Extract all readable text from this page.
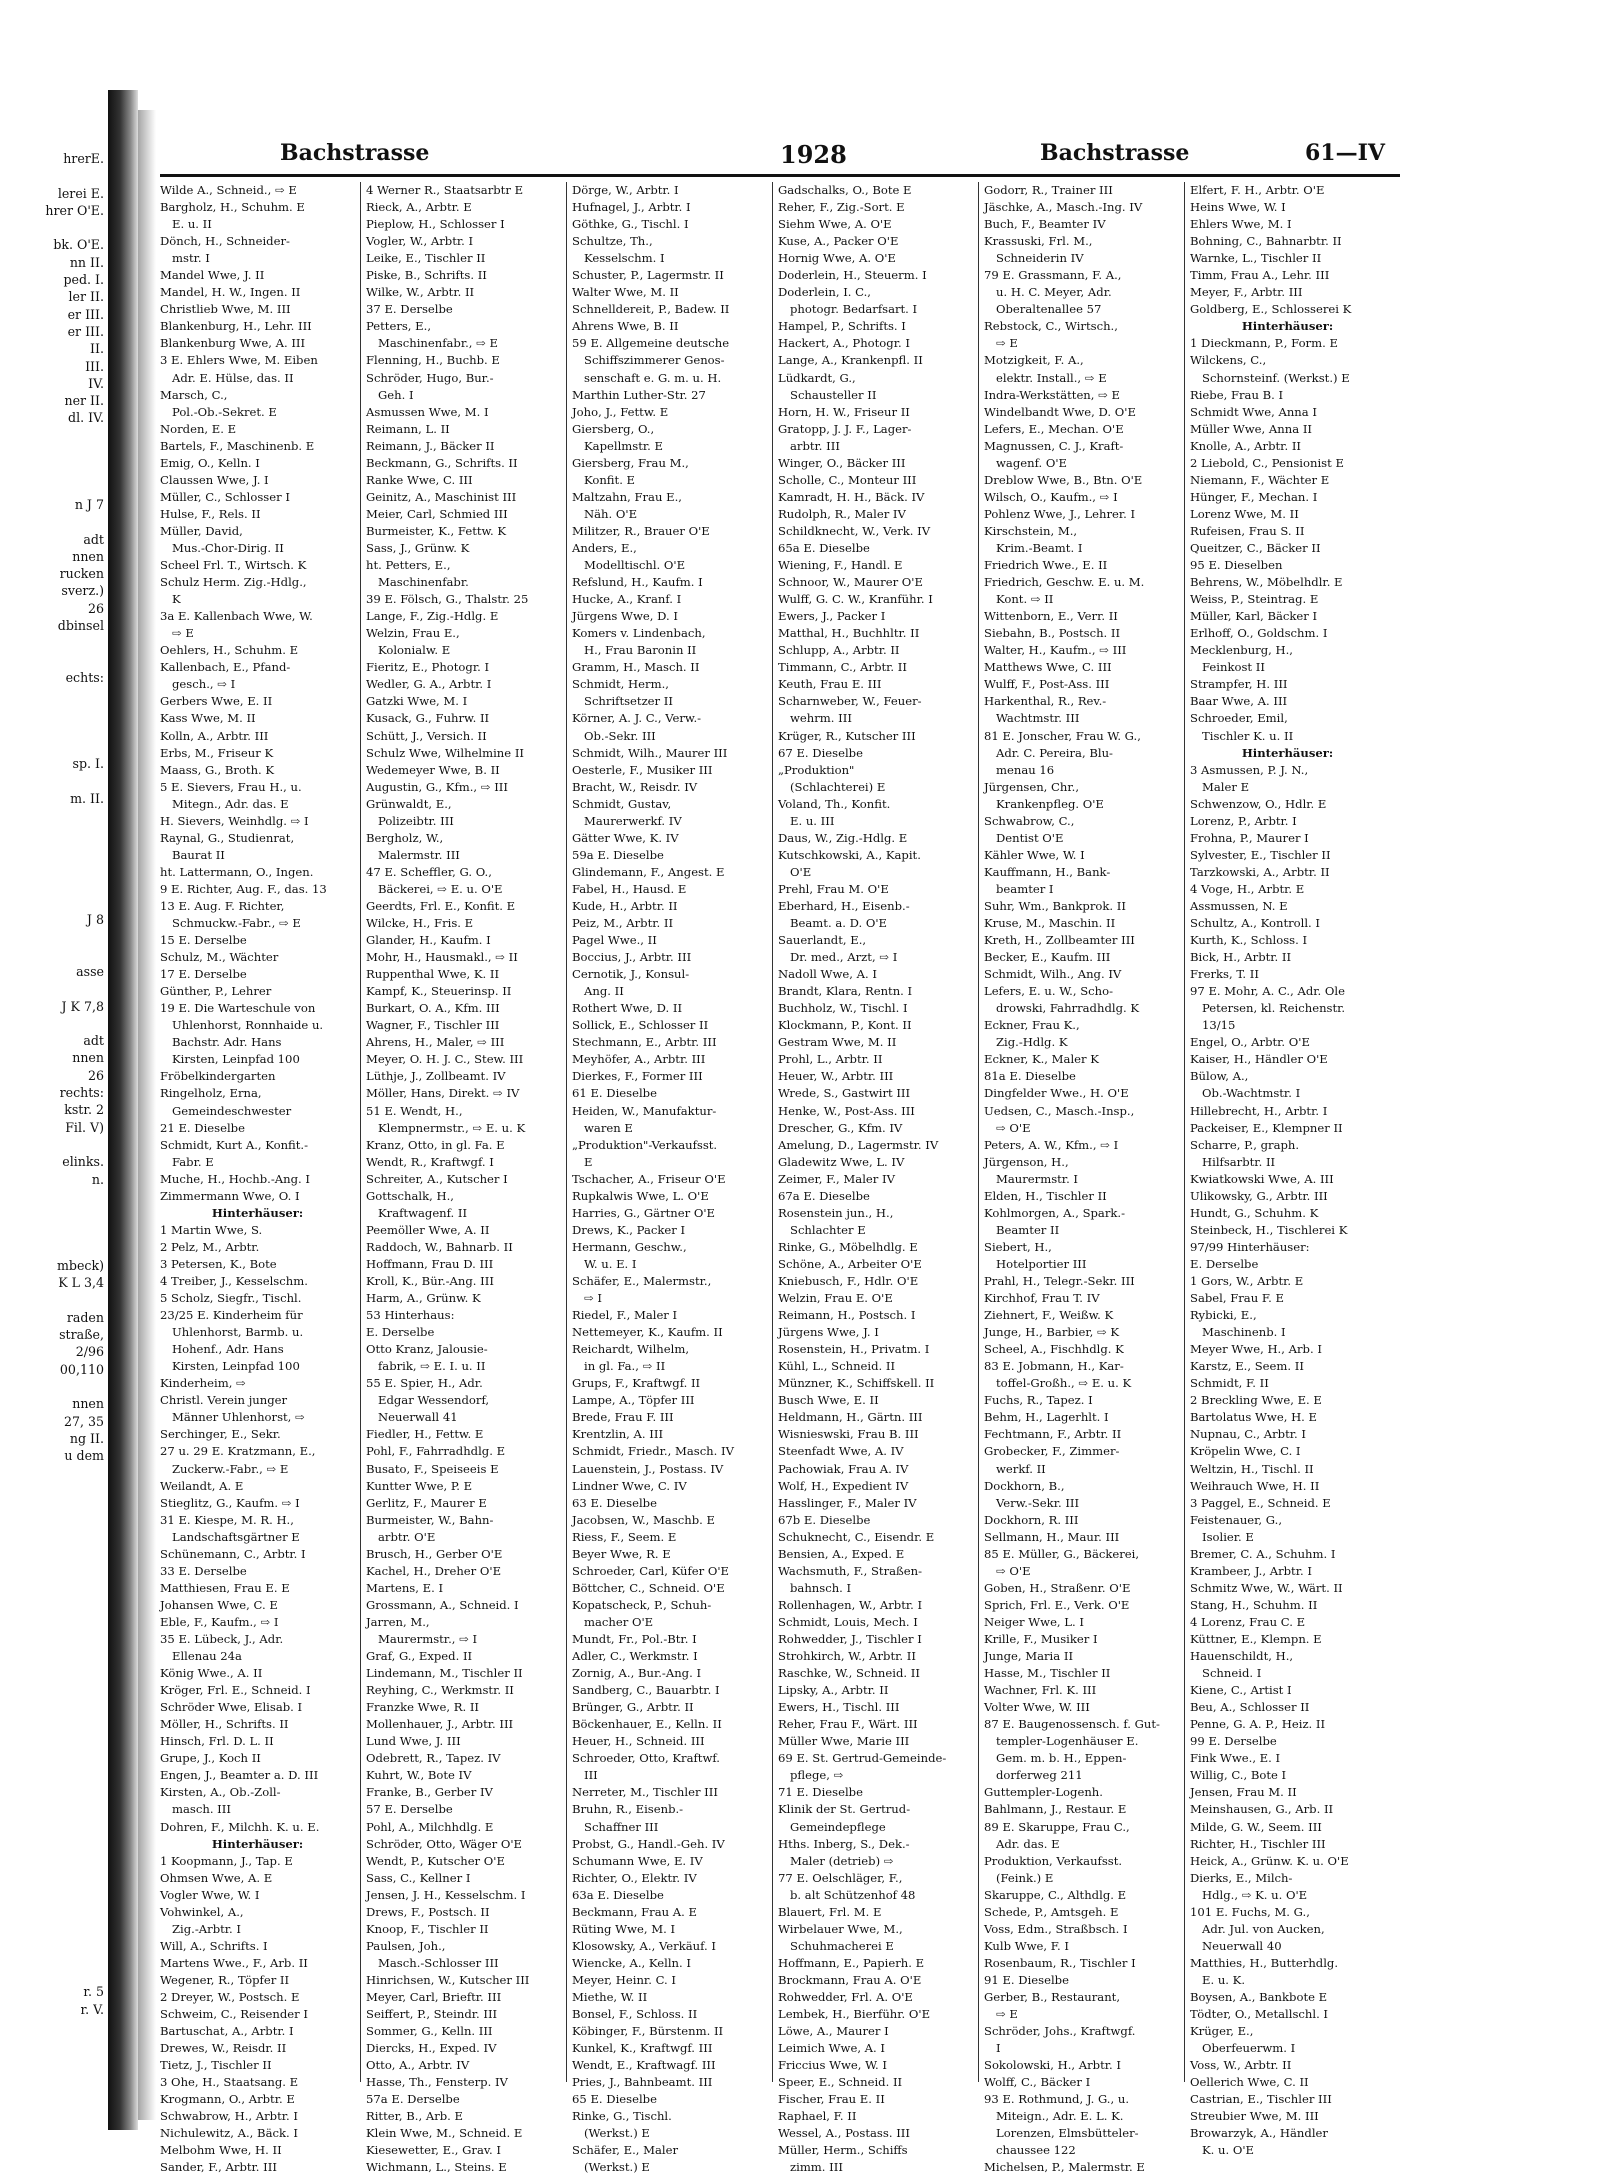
hrerE.
lerei E.
hrer O'E.
bk. O'E.
nn II.
ped. I.
ler II.
er III.
er III.
II.
III.
IV.
ner II.
dl. IV.
n J 7
adt
nnen
rucken
sverz.)
26
dbinsel
echts:
sp. I.
m. II.
J 8
asse
J K 7,8
adt
nnen
26
rechts:
kstr. 2
Fil. V)
elinks.
n.
mbeck)
K L 3,4
raden
straße,
2/96
00,110
nnen
27, 35
ng II.
u dem
r. 5
r. V.
Bachstrasse	1928	Bachstrasse	61—IV
Wilde A., Schneid., ⇨ E
Bargholz, H., Schuhm. E
E. u. II
Dönch, H., Schneider-
mstr. I
Mandel Wwe, J. II
Mandel, H. W., Ingen. II
Christlieb Wwe, M. III
Blankenburg, H., Lehr. III
Blankenburg Wwe, A. III
3 E. Ehlers Wwe, M. Eiben
Adr. E. Hülse, das. II
Marsch, C.,
Pol.-Ob.-Sekret. E
Norden, E. E
Bartels, F., Maschinenb. E
Emig, O., Kelln. I
Claussen Wwe, J. I
Müller, C., Schlosser I
Hulse, F., Rels. II
Müller, David,
Mus.-Chor-Dirig. II
Scheel Frl. T., Wirtsch. K
Schulz Herm. Zig.-Hdlg.,
K
3a E. Kallenbach Wwe, W.
⇨ E
Oehlers, H., Schuhm. E
Kallenbach, E., Pfand-
gesch., ⇨ I
Gerbers Wwe, E. II
Kass Wwe, M. II
Kolln, A., Arbtr. III
Erbs, M., Friseur K
Maass, G., Broth. K
5 E. Sievers, Frau H., u.
Mitegn., Adr. das. E
H. Sievers, Weinhdlg. ⇨ I
Raynal, G., Studienrat,
Baurat II
ht. Lattermann, O., Ingen.
9 E. Richter, Aug. F., das. 13
13 E. Aug. F. Richter,
Schmuckw.-Fabr., ⇨ E
15 E. Derselbe
Schulz, M., Wächter
17 E. Derselbe
Günther, P., Lehrer
19 E. Die Warteschule von
Uhlenhorst, Ronnhaide u.
Bachstr. Adr. Hans
Kirsten, Leinpfad 100
Fröbelkindergarten
Ringelholz, Erna,
Gemeindeschwester
21 E. Dieselbe
Schmidt, Kurt A., Konfit.-
Fabr. E
Muche, H., Hochb.-Ang. I
Zimmermann Wwe, O. I
Hinterhäuser:
1 Martin Wwe, S.
2 Pelz, M., Arbtr.
3 Petersen, K., Bote
4 Treiber, J., Kesselschm.
5 Scholz, Siegfr., Tischl.
23/25 E. Kinderheim für
Uhlenhorst, Barmb. u.
Hohenf., Adr. Hans
Kirsten, Leinpfad 100
Kinderheim, ⇨
Christl. Verein junger
Männer Uhlenhorst, ⇨
Serchinger, E., Sekr.
27 u. 29 E. Kratzmann, E.,
Zuckerw.-Fabr., ⇨ E
Weilandt, A. E
Stieglitz, G., Kaufm. ⇨ I
31 E. Kiespe, M. R. H.,
Landschaftsgärtner E
Schünemann, C., Arbtr. I
33 E. Derselbe
Matthiesen, Frau E. E
Johansen Wwe, C. E
Eble, F., Kaufm., ⇨ I
35 E. Lübeck, J., Adr.
Ellenau 24a
König Wwe., A. II
Kröger, Frl. E., Schneid. I
Schröder Wwe, Elisab. I
Möller, H., Schrifts. II
Hinsch, Frl. D. L. II
Grupe, J., Koch II
Engen, J., Beamter a. D. III
Kirsten, A., Ob.-Zoll-
masch. III
Dohren, F., Milchh. K. u. E.
Hinterhäuser:
1 Koopmann, J., Tap. E
Ohmsen Wwe, A. E
Vogler Wwe, W. I
Vohwinkel, A.,
Zig.-Arbtr. I
Will, A., Schrifts. I
Martens Wwe., F., Arb. II
Wegener, R., Töpfer II
2 Dreyer, W., Postsch. E
Schweim, C., Reisender I
Bartuschat, A., Arbtr. I
Drewes, W., Reisdr. II
Tietz, J., Tischler II
3 Ohe, H., Staatsang. E
Krogmann, O., Arbtr. E
Schwabrow, H., Arbtr. I
Nichulewitz, A., Bäck. I
Melbohm Wwe, H. II
Sander, F., Arbtr. III
4 Werner R., Staatsarbtr E
Rieck, A., Arbtr. E
Pieplow, H., Schlosser I
Vogler, W., Arbtr. I
Leike, E., Tischler II
Piske, B., Schrifts. II
Wilke, W., Arbtr. II
37 E. Derselbe
Petters, E.,
Maschinenfabr., ⇨ E
Flenning, H., Buchb. E
Schröder, Hugo, Bur.-
Geh. I
Asmussen Wwe, M. I
Reimann, L. II
Reimann, J., Bäcker II
Beckmann, G., Schrifts. II
Ranke Wwe, C. III
Geinitz, A., Maschinist III
Meier, Carl, Schmied III
Burmeister, K., Fettw. K
Sass, J., Grünw. K
ht. Petters, E.,
Maschinenfabr.
39 E. Fölsch, G., Thalstr. 25
Lange, F., Zig.-Hdlg. E
Welzin, Frau E.,
Kolonialw. E
Fieritz, E., Photogr. I
Wedler, G. A., Arbtr. I
Gatzki Wwe, M. I
Kusack, G., Fuhrw. II
Schütt, J., Versich. II
Schulz Wwe, Wilhelmine II
Wedemeyer Wwe, B. II
Augustin, G., Kfm., ⇨ III
Grünwaldt, E.,
Polizeibtr. III
Bergholz, W.,
Malermstr. III
47 E. Scheffler, G. O.,
Bäckerei, ⇨ E. u. O'E
Geerdts, Frl. E., Konfit. E
Wilcke, H., Fris. E
Glander, H., Kaufm. I
Mohr, H., Hausmakl., ⇨ II
Ruppenthal Wwe, K. II
Kampf, K., Steuerinsp. II
Burkart, O. A., Kfm. III
Wagner, F., Tischler III
Ahrens, H., Maler, ⇨ III
Meyer, O. H. J. C., Stew. III
Lüthje, J., Zollbeamt. IV
Möller, Hans, Direkt. ⇨ IV
51 E. Wendt, H.,
Klempnermstr., ⇨ E. u. K
Kranz, Otto, in gl. Fa. E
Wendt, R., Kraftwgf. I
Schreiter, A., Kutscher I
Gottschalk, H.,
Kraftwagenf. II
Peemöller Wwe, A. II
Raddoch, W., Bahnarb. II
Hoffmann, Frau D. III
Kroll, K., Bür.-Ang. III
Harm, A., Grünw. K
53 Hinterhaus:
E. Derselbe
Otto Kranz, Jalousie-
fabrik, ⇨ E. I. u. II
55 E. Spier, H., Adr.
Edgar Wessendorf,
Neuerwall 41
Fiedler, H., Fettw. E
Pohl, F., Fahrradhdlg. E
Busato, F., Speiseeis E
Kuntter Wwe, P. E
Gerlitz, F., Maurer E
Burmeister, W., Bahn-
arbtr. O'E
Brusch, H., Gerber O'E
Kachel, H., Dreher O'E
Martens, E. I
Grossmann, A., Schneid. I
Jarren, M.,
Maurermstr., ⇨ I
Graf, G., Exped. II
Lindemann, M., Tischler II
Reyhing, C., Werkmstr. II
Franzke Wwe, R. II
Mollenhauer, J., Arbtr. III
Lund Wwe, J. III
Odebrett, R., Tapez. IV
Kuhrt, W., Bote IV
Franke, B., Gerber IV
57 E. Derselbe
Pohl, A., Milchhdlg. E
Schröder, Otto, Wäger O'E
Wendt, P., Kutscher O'E
Sass, C., Kellner I
Jensen, J. H., Kesselschm. I
Drews, F., Postsch. II
Knoop, F., Tischler II
Paulsen, Joh.,
Masch.-Schlosser III
Hinrichsen, W., Kutscher III
Meyer, Carl, Brieftr. III
Seiffert, P., Steindr. III
Sommer, G., Kelln. III
Diercks, H., Exped. IV
Otto, A., Arbtr. IV
Hasse, Th., Fensterp. IV
57a E. Derselbe
Ritter, B., Arb. E
Klein Wwe, M., Schneid. E
Kiesewetter, E., Grav. I
Wichmann, L., Steins. E
Dörge, W., Arbtr. I
Hufnagel, J., Arbtr. I
Göthke, G., Tischl. I
Schultze, Th.,
Kesselschm. I
Schuster, P., Lagermstr. II
Walter Wwe, M. II
Schnelldereit, P., Badew. II
Ahrens Wwe, B. II
59 E. Allgemeine deutsche
Schiffszimmerer Genos-
senschaft e. G. m. u. H.
Marthin Luther-Str. 27
Joho, J., Fettw. E
Giersberg, O.,
Kapellmstr. E
Giersberg, Frau M.,
Konfit. E
Maltzahn, Frau E.,
Näh. O'E
Militzer, R., Brauer O'E
Anders, E.,
Modelltischl. O'E
Refslund, H., Kaufm. I
Hucke, A., Kranf. I
Jürgens Wwe, D. I
Komers v. Lindenbach,
H., Frau Baronin II
Gramm, H., Masch. II
Schmidt, Herm.,
Schriftsetzer II
Körner, A. J. C., Verw.-
Ob.-Sekr. III
Schmidt, Wilh., Maurer III
Oesterle, F., Musiker III
Bracht, W., Reisdr. IV
Schmidt, Gustav,
Maurerwerkf. IV
Gätter Wwe, K. IV
59a E. Dieselbe
Glindemann, F., Angest. E
Fabel, H., Hausd. E
Kude, H., Arbtr. II
Peiz, M., Arbtr. II
Pagel Wwe., II
Boccius, J., Arbtr. III
Cernotik, J., Konsul-
Ang. II
Rothert Wwe, D. II
Sollick, E., Schlosser II
Stechmann, E., Arbtr. III
Meyhöfer, A., Arbtr. III
Dierkes, F., Former III
61 E. Dieselbe
Heiden, W., Manufaktur-
waren E
„Produktion"-Verkaufsst.
E
Tschacher, A., Friseur O'E
Rupkalwis Wwe, L. O'E
Harries, G., Gärtner O'E
Drews, K., Packer I
Hermann, Geschw.,
W. u. E. I
Schäfer, E., Malermstr.,
⇨ I
Riedel, F., Maler I
Nettemeyer, K., Kaufm. II
Reichardt, Wilhelm,
in gl. Fa., ⇨ II
Grups, F., Kraftwgf. II
Lampe, A., Töpfer III
Brede, Frau F. III
Krentzlin, A. III
Schmidt, Friedr., Masch. IV
Lauenstein, J., Postass. IV
Lindner Wwe, C. IV
63 E. Dieselbe
Jacobsen, W., Maschb. E
Riess, F., Seem. E
Beyer Wwe, R. E
Schroeder, Carl, Küfer O'E
Böttcher, C., Schneid. O'E
Kopatscheck, P., Schuh-
macher O'E
Mundt, Fr., Pol.-Btr. I
Adler, C., Werkmstr. I
Zornig, A., Bur.-Ang. I
Sandberg, C., Bauarbtr. I
Brünger, G., Arbtr. II
Böckenhauer, E., Kelln. II
Heuer, H., Schneid. III
Schroeder, Otto, Kraftwf.
III
Nerreter, M., Tischler III
Bruhn, R., Eisenb.-
Schaffner III
Probst, G., Handl.-Geh. IV
Schumann Wwe, E. IV
Richter, O., Elektr. IV
63a E. Dieselbe
Beckmann, Frau A. E
Rüting Wwe, M. I
Klosowsky, A., Verkäuf. I
Wiencke, A., Kelln. I
Meyer, Heinr. C. I
Miethe, W. II
Bonsel, F., Schloss. II
Köbinger, F., Bürstenm. II
Kunkel, K., Kraftwgf. III
Wendt, E., Kraftwagf. III
Pries, J., Bahnbeamt. III
65 E. Dieselbe
Rinke, G., Tischl.
(Werkst.) E
Schäfer, E., Maler
(Werkst.) E
Gadschalks, O., Bote E
Reher, F., Zig.-Sort. E
Siehm Wwe, A. O'E
Kuse, A., Packer O'E
Hornig Wwe, A. O'E
Doderlein, H., Steuerm. I
Doderlein, I. C.,
photogr. Bedarfsart. I
Hampel, P., Schrifts. I
Hackert, A., Photogr. I
Lange, A., Krankenpfl. II
Lüdkardt, G.,
Schausteller II
Horn, H. W., Friseur II
Gratopp, J. J. F., Lager-
arbtr. III
Winger, O., Bäcker III
Scholle, C., Monteur III
Kamradt, H. H., Bäck. IV
Rudolph, R., Maler IV
Schildknecht, W., Verk. IV
65a E. Dieselbe
Wiening, F., Handl. E
Schnoor, W., Maurer O'E
Wulff, G. C. W., Kranführ. I
Ewers, J., Packer I
Matthal, H., Buchhltr. II
Schlupp, A., Arbtr. II
Timmann, C., Arbtr. II
Keuth, Frau E. III
Scharnweber, W., Feuer-
wehrm. III
Krüger, R., Kutscher III
67 E. Dieselbe
„Produktion"
(Schlachterei) E
Voland, Th., Konfit.
E. u. III
Daus, W., Zig.-Hdlg. E
Kutschkowski, A., Kapit.
O'E
Prehl, Frau M. O'E
Eberhard, H., Eisenb.-
Beamt. a. D. O'E
Sauerlandt, E.,
Dr. med., Arzt, ⇨ I
Nadoll Wwe, A. I
Brandt, Klara, Rentn. I
Buchholz, W., Tischl. I
Klockmann, P., Kont. II
Gestram Wwe, M. II
Prohl, L., Arbtr. II
Heuer, W., Arbtr. III
Wrede, S., Gastwirt III
Henke, W., Post-Ass. III
Drescher, G., Kfm. IV
Amelung, D., Lagermstr. IV
Gladewitz Wwe, L. IV
Zeimer, F., Maler IV
67a E. Dieselbe
Rosenstein jun., H.,
Schlachter E
Rinke, G., Möbelhdlg. E
Schöne, A., Arbeiter O'E
Kniebusch, F., Hdlr. O'E
Welzin, Frau E. O'E
Reimann, H., Postsch. I
Jürgens Wwe, J. I
Rosenstein, H., Privatm. I
Kühl, L., Schneid. II
Münzner, K., Schiffskell. II
Busch Wwe, E. II
Heldmann, H., Gärtn. III
Wisnieswski, Frau B. III
Steenfadt Wwe, A. IV
Pachowiak, Frau A. IV
Wolf, H., Expedient IV
Hasslinger, F., Maler IV
67b E. Dieselbe
Schuknecht, C., Eisendr. E
Bensien, A., Exped. E
Wachsmuth, F., Straßen-
bahnsch. I
Rollenhagen, W., Arbtr. I
Schmidt, Louis, Mech. I
Rohwedder, J., Tischler I
Strohkirch, W., Arbtr. II
Raschke, W., Schneid. II
Lipsky, A., Arbtr. II
Ewers, H., Tischl. III
Reher, Frau F., Wärt. III
Müller Wwe, Marie III
69 E. St. Gertrud-Gemeinde-
pflege, ⇨
71 E. Dieselbe
Klinik der St. Gertrud-
Gemeindepflege
Hths. Inberg, S., Dek.-
Maler (detrieb) ⇨
77 E. Oelschläger, F.,
b. alt Schützenhof 48
Blauert, Frl. M. E
Wirbelauer Wwe, M.,
Schuhmacherei E
Hoffmann, E., Papierh. E
Brockmann, Frau A. O'E
Rohwedder, Frl. A. O'E
Lembek, H., Bierführ. O'E
Löwe, A., Maurer I
Leimich Wwe, A. I
Friccius Wwe, W. I
Speer, E., Schneid. II
Fischer, Frau E. II
Raphael, F. II
Wessel, A., Postass. III
Müller, Herm., Schiffs
zimm. III
Godorr, R., Trainer III
Jäschke, A., Masch.-Ing. IV
Buch, F., Beamter IV
Krassuski, Frl. M.,
Schneiderin IV
79 E. Grassmann, F. A.,
u. H. C. Meyer, Adr.
Oberaltenallee 57
Rebstock, C., Wirtsch.,
⇨ E
Motzigkeit, F. A.,
elektr. Install., ⇨ E
Indra-Werkstätten, ⇨ E
Windelbandt Wwe, D. O'E
Lefers, E., Mechan. O'E
Magnussen, C. J., Kraft-
wagenf. O'E
Dreblow Wwe, B., Btn. O'E
Wilsch, O., Kaufm., ⇨ I
Pohlenz Wwe, J., Lehrer. I
Kirschstein, M.,
Krim.-Beamt. I
Friedrich Wwe., E. II
Friedrich, Geschw. E. u. M.
Kont. ⇨ II
Wittenborn, E., Verr. II
Siebahn, B., Postsch. II
Walter, H., Kaufm., ⇨ III
Matthews Wwe, C. III
Wulff, F., Post-Ass. III
Harkenthal, R., Rev.-
Wachtmstr. III
81 E. Jonscher, Frau W. G.,
Adr. C. Pereira, Blu-
menau 16
Jürgensen, Chr.,
Krankenpfleg. O'E
Schwabrow, C.,
Dentist O'E
Kähler Wwe, W. I
Kauffmann, H., Bank-
beamter I
Suhr, Wm., Bankprok. II
Kruse, M., Maschin. II
Kreth, H., Zollbeamter III
Becker, E., Kaufm. III
Schmidt, Wilh., Ang. IV
Lefers, E. u. W., Scho-
drowski, Fahrradhdlg. K
Eckner, Frau K.,
Zig.-Hdlg. K
Eckner, K., Maler K
81a E. Dieselbe
Dingfelder Wwe., H. O'E
Uedsen, C., Masch.-Insp.,
⇨ O'E
Peters, A. W., Kfm., ⇨ I
Jürgenson, H.,
Maurermstr. I
Elden, H., Tischler II
Kohlmorgen, A., Spark.-
Beamter II
Siebert, H.,
Hotelportier III
Prahl, H., Telegr.-Sekr. III
Kirchhof, Frau T. IV
Ziehnert, F., Weißw. K
Junge, H., Barbier, ⇨ K
Scheel, A., Fischhdlg. K
83 E. Jobmann, H., Kar-
toffel-Großh., ⇨ E. u. K
Fuchs, R., Tapez. I
Behm, H., Lagerhlt. I
Fechtmann, F., Arbtr. II
Grobecker, F., Zimmer-
werkf. II
Dockhorn, B.,
Verw.-Sekr. III
Dockhorn, R. III
Sellmann, H., Maur. III
85 E. Müller, G., Bäckerei,
⇨ O'E
Goben, H., Straßenr. O'E
Sprich, Frl. E., Verk. O'E
Neiger Wwe, L. I
Krille, F., Musiker I
Junge, Maria II
Hasse, M., Tischler II
Wachner, Frl. K. III
Volter Wwe, W. III
87 E. Baugenossensch. f. Gut-
templer-Logenhäuser E.
Gem. m. b. H., Eppen-
dorferweg 211
Guttempler-Logenh.
Bahlmann, J., Restaur. E
89 E. Skaruppe, Frau C.,
Adr. das. E
Produktion, Verkaufsst.
(Feink.) E
Skaruppe, C., Althdlg. E
Schede, P., Amtsgeh. E
Voss, Edm., Straßbsch. I
Kulb Wwe, F. I
Rosenbaum, R., Tischler I
91 E. Dieselbe
Gerber, B., Restaurant,
⇨ E
Schröder, Johs., Kraftwgf.
I
Sokolowski, H., Arbtr. I
Wolff, C., Bäcker I
93 E. Rothmund, J. G., u.
Miteign., Adr. E. L. K.
Lorenzen, Elmsbütteler-
chaussee 122
Michelsen, P., Malermstr. E
Elfert, F. H., Arbtr. O'E
Heins Wwe, W. I
Ehlers Wwe, M. I
Bohning, C., Bahnarbtr. II
Warnke, L., Tischler II
Timm, Frau A., Lehr. III
Meyer, F., Arbtr. III
Goldberg, E., Schlosserei K
Hinterhäuser:
1 Dieckmann, P., Form. E
Wilckens, C.,
Schornsteinf. (Werkst.) E
Riebe, Frau B. I
Schmidt Wwe, Anna I
Müller Wwe, Anna II
Knolle, A., Arbtr. II
2 Liebold, C., Pensionist E
Niemann, F., Wächter E
Hünger, F., Mechan. I
Lorenz Wwe, M. II
Rufeisen, Frau S. II
Queitzer, C., Bäcker II
95 E. Dieselben
Behrens, W., Möbelhdlr. E
Weiss, P., Steintrag. E
Müller, Karl, Bäcker I
Erlhoff, O., Goldschm. I
Mecklenburg, H.,
Feinkost II
Strampfer, H. III
Baar Wwe, A. III
Schroeder, Emil,
Tischler K. u. II
Hinterhäuser:
3 Asmussen, P. J. N.,
Maler E
Schwenzow, O., Hdlr. E
Lorenz, P., Arbtr. I
Frohna, P., Maurer I
Sylvester, E., Tischler II
Tarzkowski, A., Arbtr. II
4 Voge, H., Arbtr. E
Assmussen, N. E
Schultz, A., Kontroll. I
Kurth, K., Schloss. I
Bick, H., Arbtr. II
Frerks, T. II
97 E. Mohr, A. C., Adr. Ole
Petersen, kl. Reichenstr.
13/15
Engel, O., Arbtr. O'E
Kaiser, H., Händler O'E
Bülow, A.,
Ob.-Wachtmstr. I
Hillebrecht, H., Arbtr. I
Packeiser, E., Klempner II
Scharre, P., graph.
Hilfsarbtr. II
Kwiatkowski Wwe, A. III
Ulikowsky, G., Arbtr. III
Hundt, G., Schuhm. K
Steinbeck, H., Tischlerei K
97/99 Hinterhäuser:
E. Derselbe
1 Gors, W., Arbtr. E
Sabel, Frau F. E
Rybicki, E.,
Maschinenb. I
Meyer Wwe, H., Arb. I
Karstz, E., Seem. II
Schmidt, F. II
2 Breckling Wwe, E. E
Bartolatus Wwe, H. E
Nupnau, C., Arbtr. I
Kröpelin Wwe, C. I
Weltzin, H., Tischl. II
Weihrauch Wwe, H. II
3 Paggel, E., Schneid. E
Feistenauer, G.,
Isolier. E
Bremer, C. A., Schuhm. I
Krambeer, J., Arbtr. I
Schmitz Wwe, W., Wärt. II
Stang, H., Schuhm. II
4 Lorenz, Frau C. E
Küttner, E., Klempn. E
Hauenschildt, H.,
Schneid. I
Kiene, C., Artist I
Beu, A., Schlosser II
Penne, G. A. P., Heiz. II
99 E. Derselbe
Fink Wwe., E. I
Willig, C., Bote I
Jensen, Frau M. II
Meinshausen, G., Arb. II
Milde, G. W., Seem. III
Richter, H., Tischler III
Heick, A., Grünw. K. u. O'E
Dierks, E., Milch-
Hdlg., ⇨ K. u. O'E
101 E. Fuchs, M. G.,
Adr. Jul. von Aucken,
Neuerwall 40
Matthies, H., Butterhdlg.
E. u. K.
Boysen, A., Bankbote E
Tödter, O., Metallschl. I
Krüger, E.,
Oberfeuerwm. I
Voss, W., Arbtr. II
Oellerich Wwe, C. II
Castrian, E., Tischler III
Streubier Wwe, M. III
Browarzyk, A., Händler
K. u. O'E
